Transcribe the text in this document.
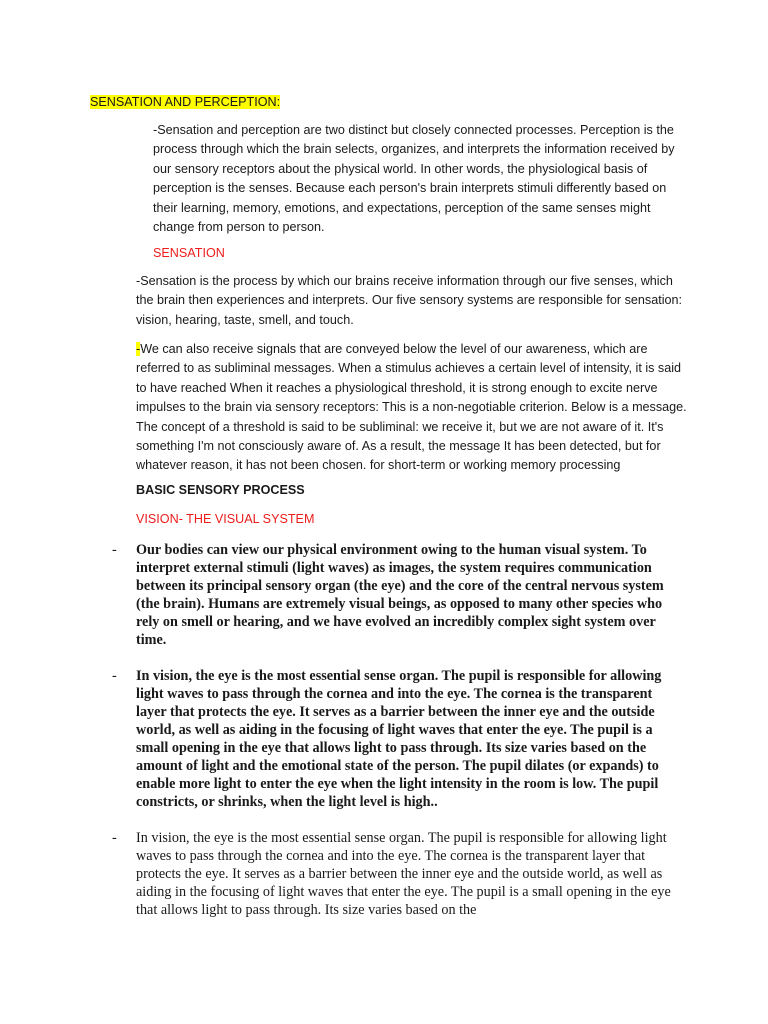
SENSATION AND PERCEPTION:

-Sensation and perception are two distinct but closely connected processes. Perception is the process through which the brain selects, organizes, and interprets the information received by our sensory receptors about the physical world. In other words, the physiological basis of perception is the senses. Because each person's brain interprets stimuli differently based on their learning, memory, emotions, and expectations, perception of the same senses might change from person to person.

SENSATION

-Sensation is the process by which our brains receive information through our five senses, which the brain then experiences and interprets. Our five sensory systems are responsible for sensation: vision, hearing, taste, smell, and touch.

-We can also receive signals that are conveyed below the level of our awareness, which are referred to as subliminal messages. When a stimulus achieves a certain level of intensity, it is said to have reached When it reaches a physiological threshold, it is strong enough to excite nerve impulses to the brain via sensory receptors: This is a non-negotiable criterion. Below is a message. The concept of a threshold is said to be subliminal: we receive it, but we are not aware of it. It's something I'm not consciously aware of. As a result, the message It has been detected, but for whatever reason, it has not been chosen. for short-term or working memory processing

BASIC SENSORY PROCESS
VISION- THE VISUAL SYSTEM
- Our bodies can view our physical environment owing to the human visual system. To interpret external stimuli (light waves) as images, the system requires communication between its principal sensory organ (the eye) and the core of the central nervous system (the brain). Humans are extremely visual beings, as opposed to many other species who rely on smell or hearing, and we have evolved an incredibly complex sight system over time.

- In vision, the eye is the most essential sense organ. The pupil is responsible for allowing light waves to pass through the cornea and into the eye. The cornea is the transparent layer that protects the eye. It serves as a barrier between the inner eye and the outside world, as well as aiding in the focusing of light waves that enter the eye. The pupil is a small opening in the eye that allows light to pass through. Its size varies based on the amount of light and the emotional state of the person. The pupil dilates (or expands) to enable more light to enter the eye when the light intensity in the room is low. The pupil constricts, or shrinks, when the light level is high..

- In vision, the eye is the most essential sense organ. The pupil is responsible for allowing light waves to pass through the cornea and into the eye. The cornea is the transparent layer that protects the eye. It serves as a barrier between the inner eye and the outside world, as well as aiding in the focusing of light waves that enter the eye. The pupil is a small opening in the eye that allows light to pass through. Its size varies based on the
